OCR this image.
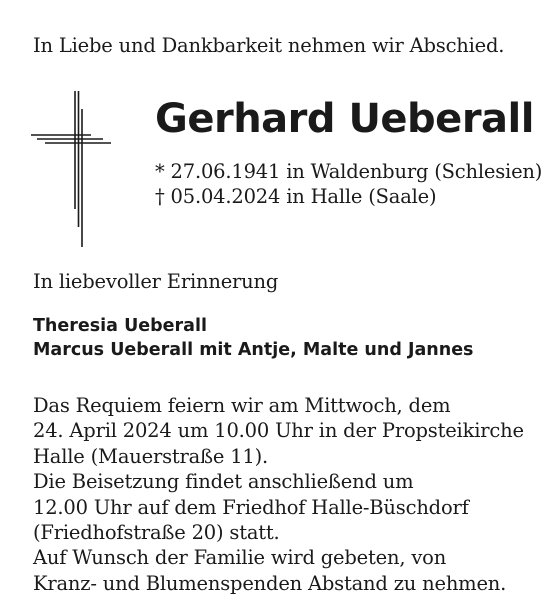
In Liebe und Dankbarkeit nehmen wir Abschied.
Gerhard Ueberall
* 27.06.1941 in Waldenburg (Schlesien)
† 05.04.2024 in Halle (Saale)
In liebevoller Erinnerung
Theresia Ueberall
Marcus Ueberall mit Antje, Malte und Jannes
Das Requiem feiern wir am Mittwoch, dem
24. April 2024 um 10.00 Uhr in der Propsteikirche
Halle (Mauerstraße 11).
Die Beisetzung findet anschließend um
12.00 Uhr auf dem Friedhof Halle-Büschdorf
(Friedhofstraße 20) statt.
Auf Wunsch der Familie wird gebeten, von
Kranz- und Blumenspenden Abstand zu nehmen.
